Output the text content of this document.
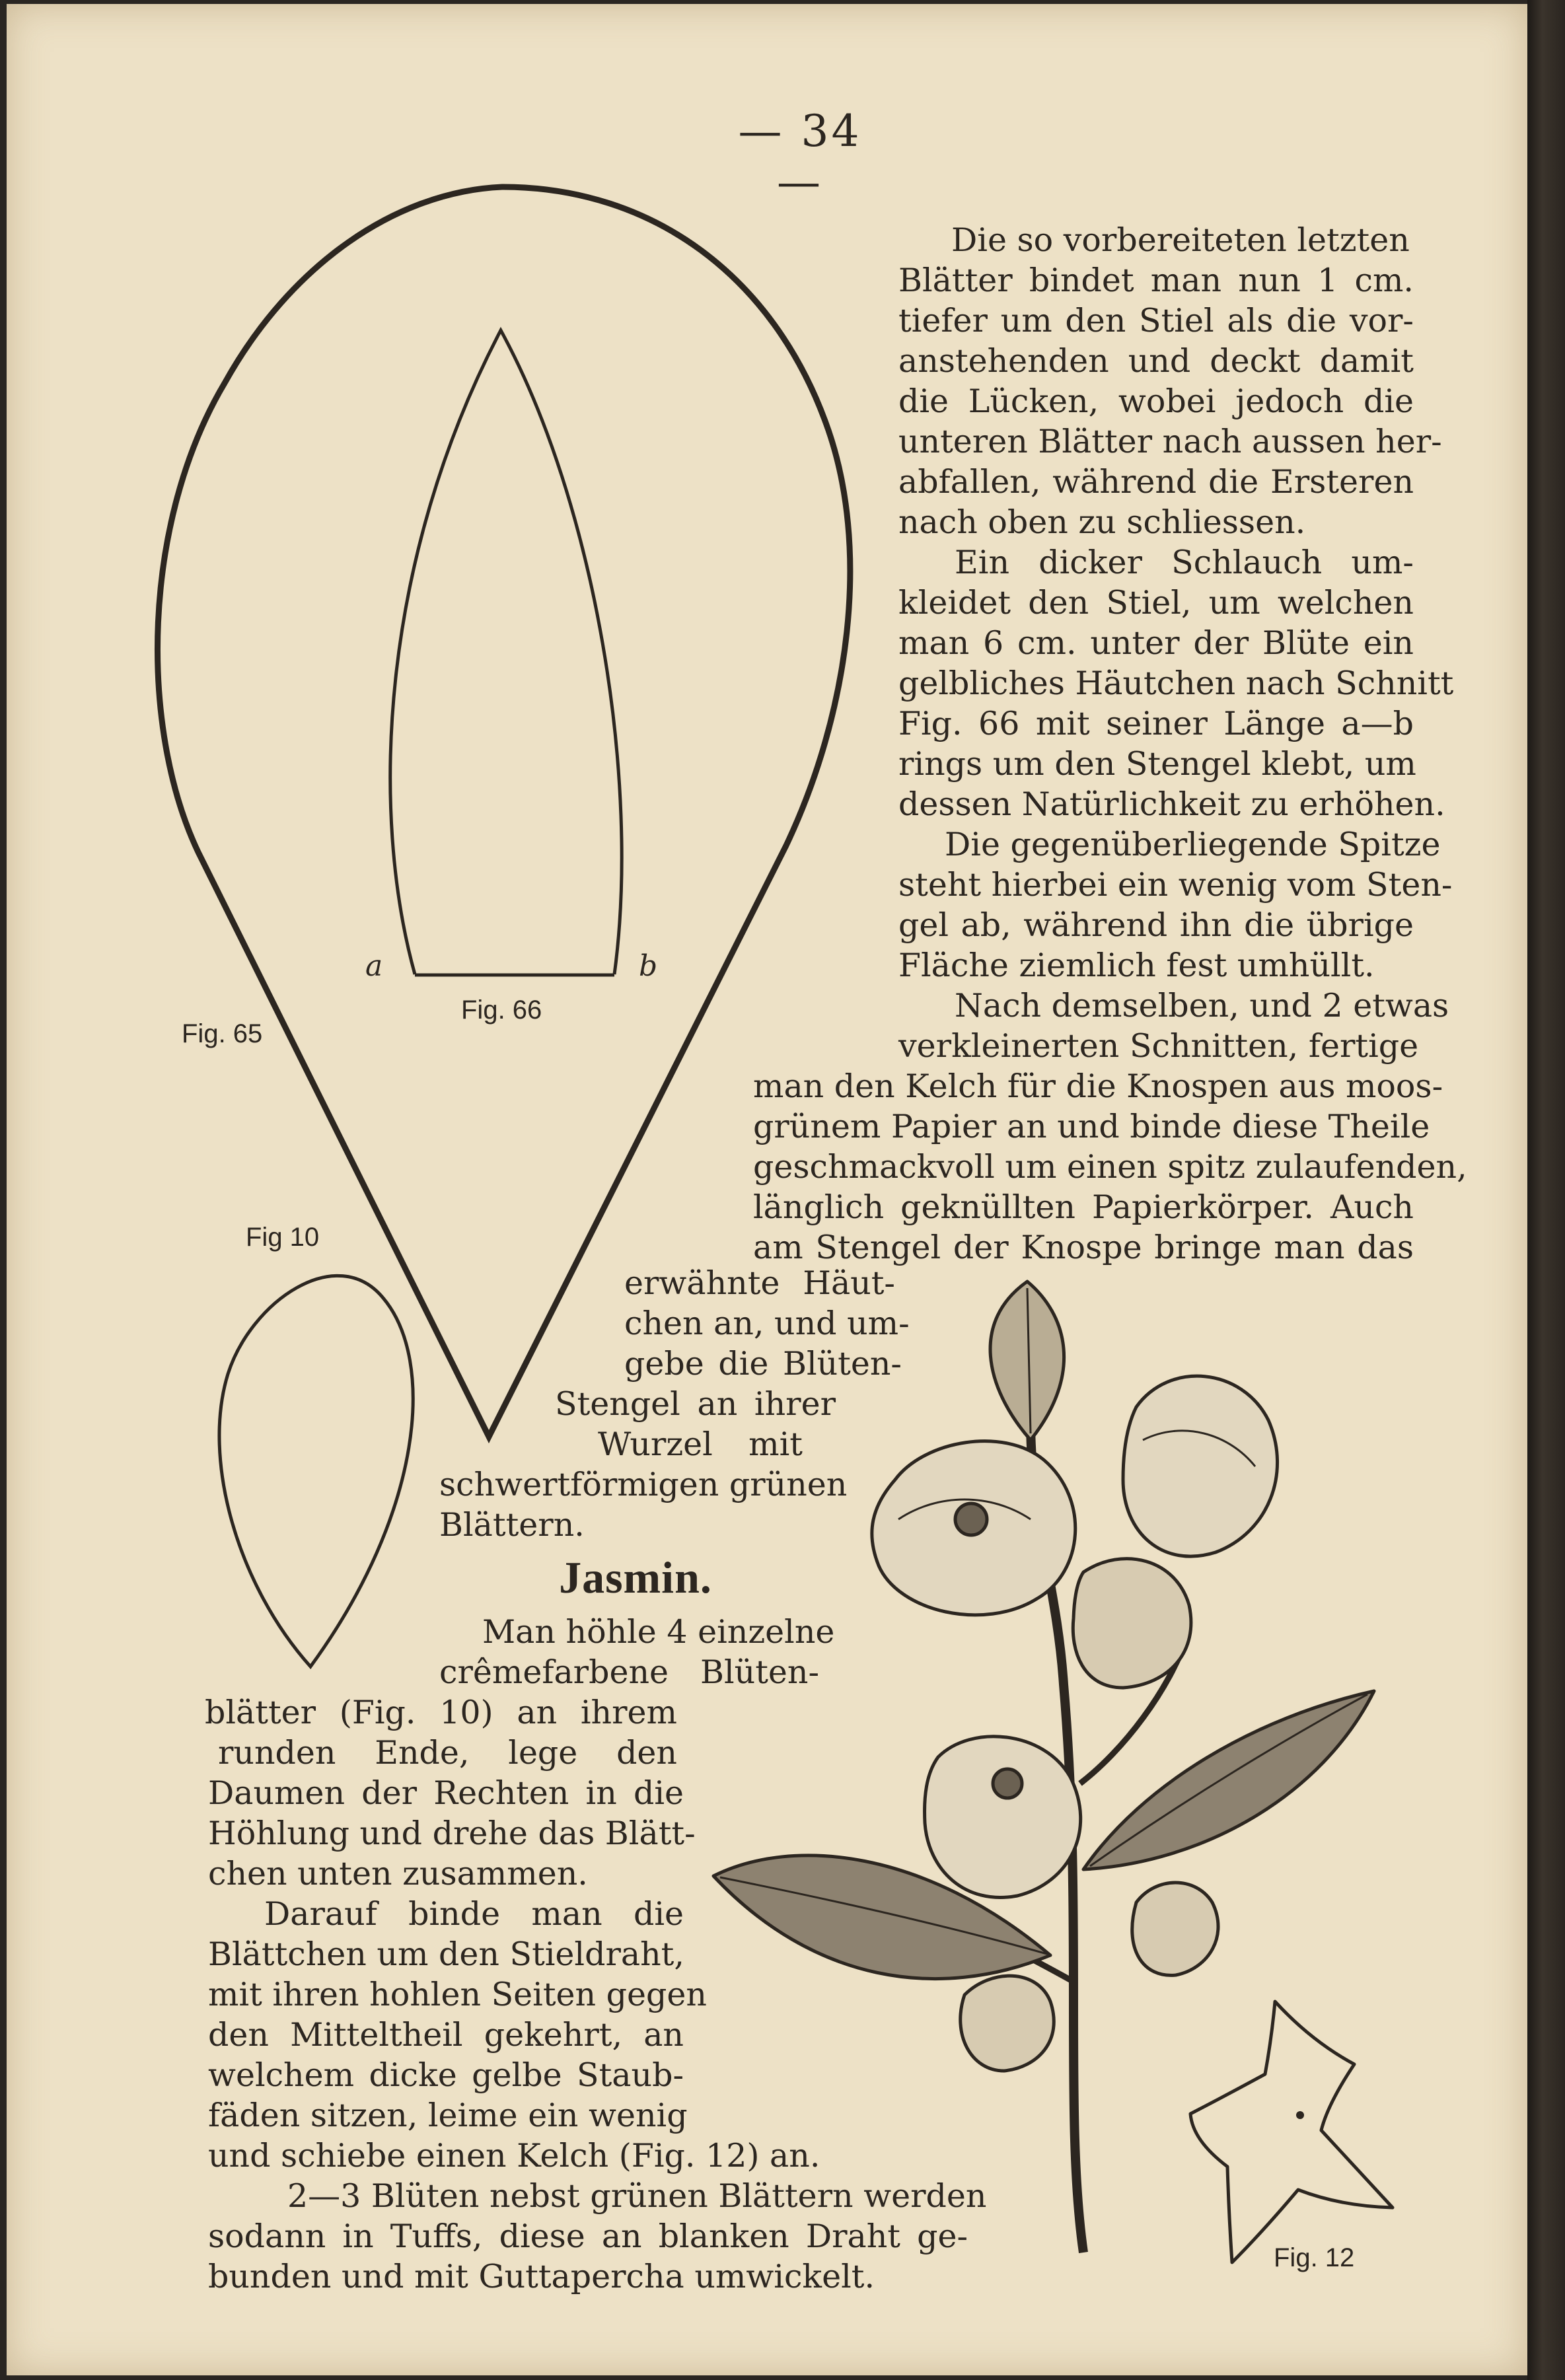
— 34 —
Fig. 65
Fig. 66
Fig 10
Fig. 12
a	b
Die so vorbereiteten letzten
Blätter bindet man nun 1 cm.
tiefer um den Stiel als die vor-
anstehenden und deckt damit
die Lücken, wobei jedoch die
unteren Blätter nach aussen her-
abfallen, während die Ersteren
nach oben zu schliessen.
Ein dicker Schlauch um-
kleidet den Stiel, um welchen
man 6 cm. unter der Blüte ein
gelbliches Häutchen nach Schnitt
Fig. 66 mit seiner Länge a—b
rings um den Stengel klebt, um
dessen Natürlichkeit zu erhöhen.
Die gegenüberliegende Spitze
steht hierbei ein wenig vom Sten-
gel ab, während ihn die übrige
Fläche ziemlich fest umhüllt.
Nach demselben, und 2 etwas
verkleinerten Schnitten, fertige
man den Kelch für die Knospen aus moos-
grünem Papier an und binde diese Theile
geschmackvoll um einen spitz zulaufenden,
länglich geknüllten Papierkörper. Auch
am Stengel der Knospe bringe man das
erwähnte Häut-
chen an, und um-
gebe die Blüten-
Stengel an ihrer
Wurzel mit
schwertförmigen grünen
Blättern.
Jasmin.
Man höhle 4 einzelne
crêmefarbene Blüten-
blätter (Fig. 10) an ihrem
runden Ende, lege den
Daumen der Rechten in die
Höhlung und drehe das Blätt-
chen unten zusammen.
Darauf binde man die
Blättchen um den Stieldraht,
mit ihren hohlen Seiten gegen
den Mitteltheil gekehrt, an
welchem dicke gelbe Staub-
fäden sitzen, leime ein wenig
und schiebe einen Kelch (Fig. 12) an.
2—3 Blüten nebst grünen Blättern werden
sodann in Tuffs, diese an blanken Draht ge-
bunden und mit Guttapercha umwickelt.
